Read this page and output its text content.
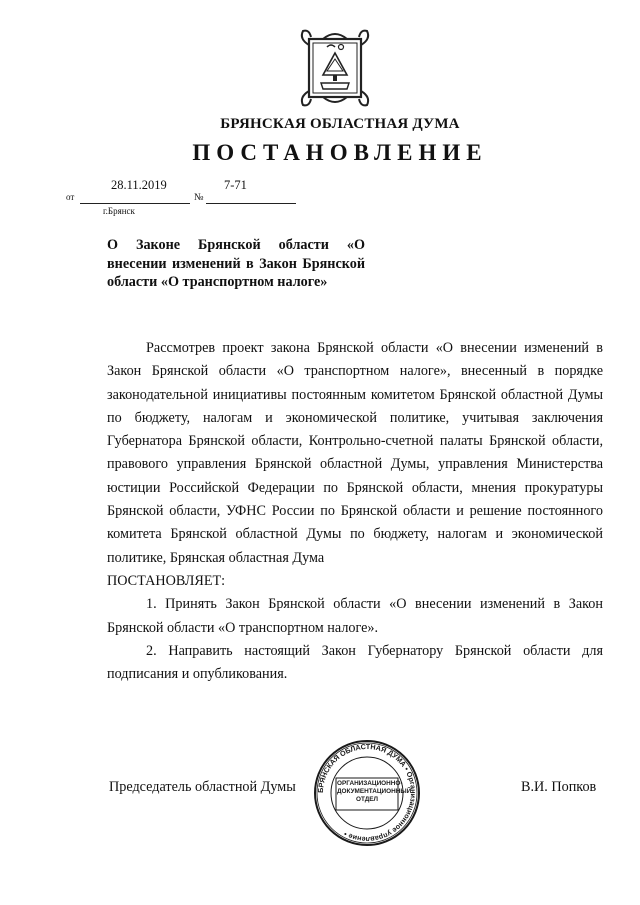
БРЯНСКАЯ ОБЛАСТНАЯ ДУМА
ПОСТАНОВЛЕНИЕ
от
28.11.2019
№
7-71
г.Брянск
О Законе Брянской области «О внесении изменений в Закон Брянской области «О транспортном налоге»

Рассмотрев проект закона Брянской области «О внесении изменений в Закон Брянской области «О транспортном налоге», внесенный в порядке законодательной инициативы постоянным комитетом Брянской областной Думы по бюджету, налогам и экономической политике, учитывая заключения Губернатора Брянской области, Контрольно-счетной палаты Брянской области, правового управления Брянской областной Думы, управления Министерства юстиции Российской Федерации по Брянской области, мнения прокуратуры Брянской области, УФНС России по Брянской области и решение постоянного комитета Брянской областной Думы по бюджету, налогам и экономической политике, Брянская областная Дума

ПОСТАНОВЛЯЕТ:

1. Принять Закон Брянской области «О внесении изменений в Закон Брянской области «О транспортном налоге».

2. Направить настоящий Закон Губернатору Брянской области для подписания и опубликования.

Председатель областной Думы	В.И. Попков
БРЯНСКАЯ ОБЛАСТНАЯ ДУМА • Организационное управление •
ОРГАНИЗАЦИОННО-ДОКУМЕНТАЦИОННЫЙ ОТДЕЛ
